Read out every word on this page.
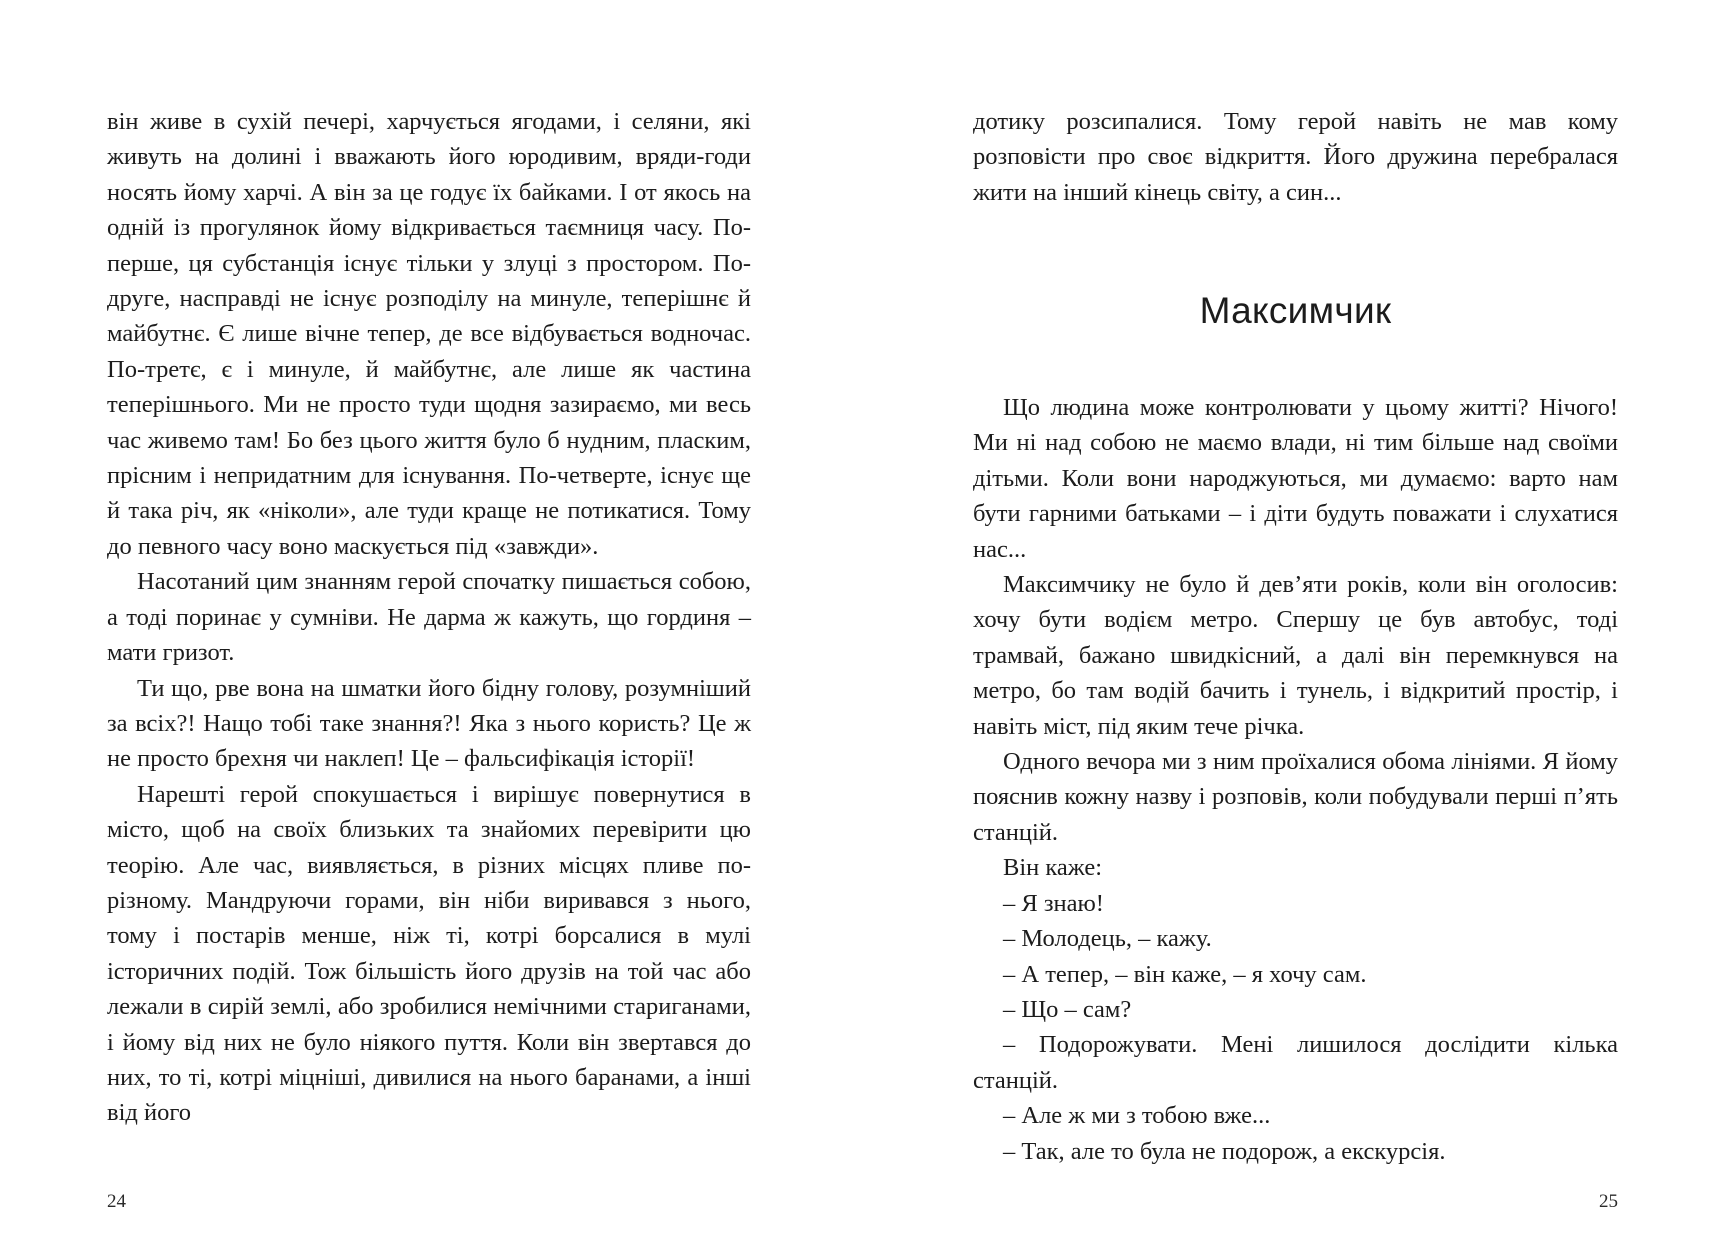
він живе в сухій печері, харчується ягодами, і селяни, які живуть на долині і вважають його юродивим, вряди-годи носять йому харчі. А він за це годує їх байками. І от якось на одній із прогулянок йому відкривається таємниця часу. По-перше, ця субстанція існує тільки у злуці з простором. По-друге, насправді не існує розподілу на минуле, теперішнє й майбутнє. Є лише вічне тепер, де все відбувається водночас. По-третє, є і минуле, й майбутнє, але лише як частина теперішнього. Ми не просто туди щодня зазираємо, ми весь час живемо там! Бо без цього життя було б нудним, пласким, прісним і непридатним для існування. По-четверте, існує ще й така річ, як «ніколи», але туди краще не потикатися. Тому до певного часу воно маскується під «завжди».

Насотаний цим знанням герой спочатку пишається собою, а тоді поринає у сумніви. Не дарма ж кажуть, що гординя – мати гризот.

Ти що, рве вона на шматки його бідну голову, розумніший за всіх?! Нащо тобі таке знання?! Яка з нього користь? Це ж не просто брехня чи наклеп! Це – фальсифікація історії!

Нарешті герой спокушається і вирішує повернутися в місто, щоб на своїх близьких та знайомих перевірити цю теорію. Але час, виявляється, в різних місцях пливе по-різному. Мандруючи горами, він ніби виривався з нього, тому і постарів менше, ніж ті, котрі борсалися в мулі історичних подій. Тож більшість його друзів на той час або лежали в сирій землі, або зробилися немічними стариганами, і йому від них не було ніякого пуття. Коли він звертався до них, то ті, котрі міцніші, дивилися на нього баранами, а інші від його

24

дотику розсипалися. Тому герой навіть не мав кому розповісти про своє відкриття. Його дружина перебралася жити на інший кінець світу, а син...

Максимчик

Що людина може контролювати у цьому житті? Нічого! Ми ні над собою не маємо влади, ні тим більше над своїми дітьми. Коли вони народжуються, ми думаємо: варто нам бути гарними батьками – і діти будуть поважати і слухатися нас...

Максимчику не було й дев’яти років, коли він оголосив: хочу бути водієм метро. Спершу це був автобус, тоді трамвай, бажано швидкісний, а далі він перемкнувся на метро, бо там водій бачить і тунель, і відкритий простір, і навіть міст, під яким тече річка.

Одного вечора ми з ним проїхалися обома лініями. Я йому пояснив кожну назву і розповів, коли побудували перші п’ять станцій.

Він каже:

– Я знаю!

– Молодець, – кажу.

– А тепер, – він каже, – я хочу сам.

– Що – сам?

– Подорожувати. Мені лишилося дослідити кілька станцій.

– Але ж ми з тобою вже...

– Так, але то була не подорож, а екскурсія.

25
